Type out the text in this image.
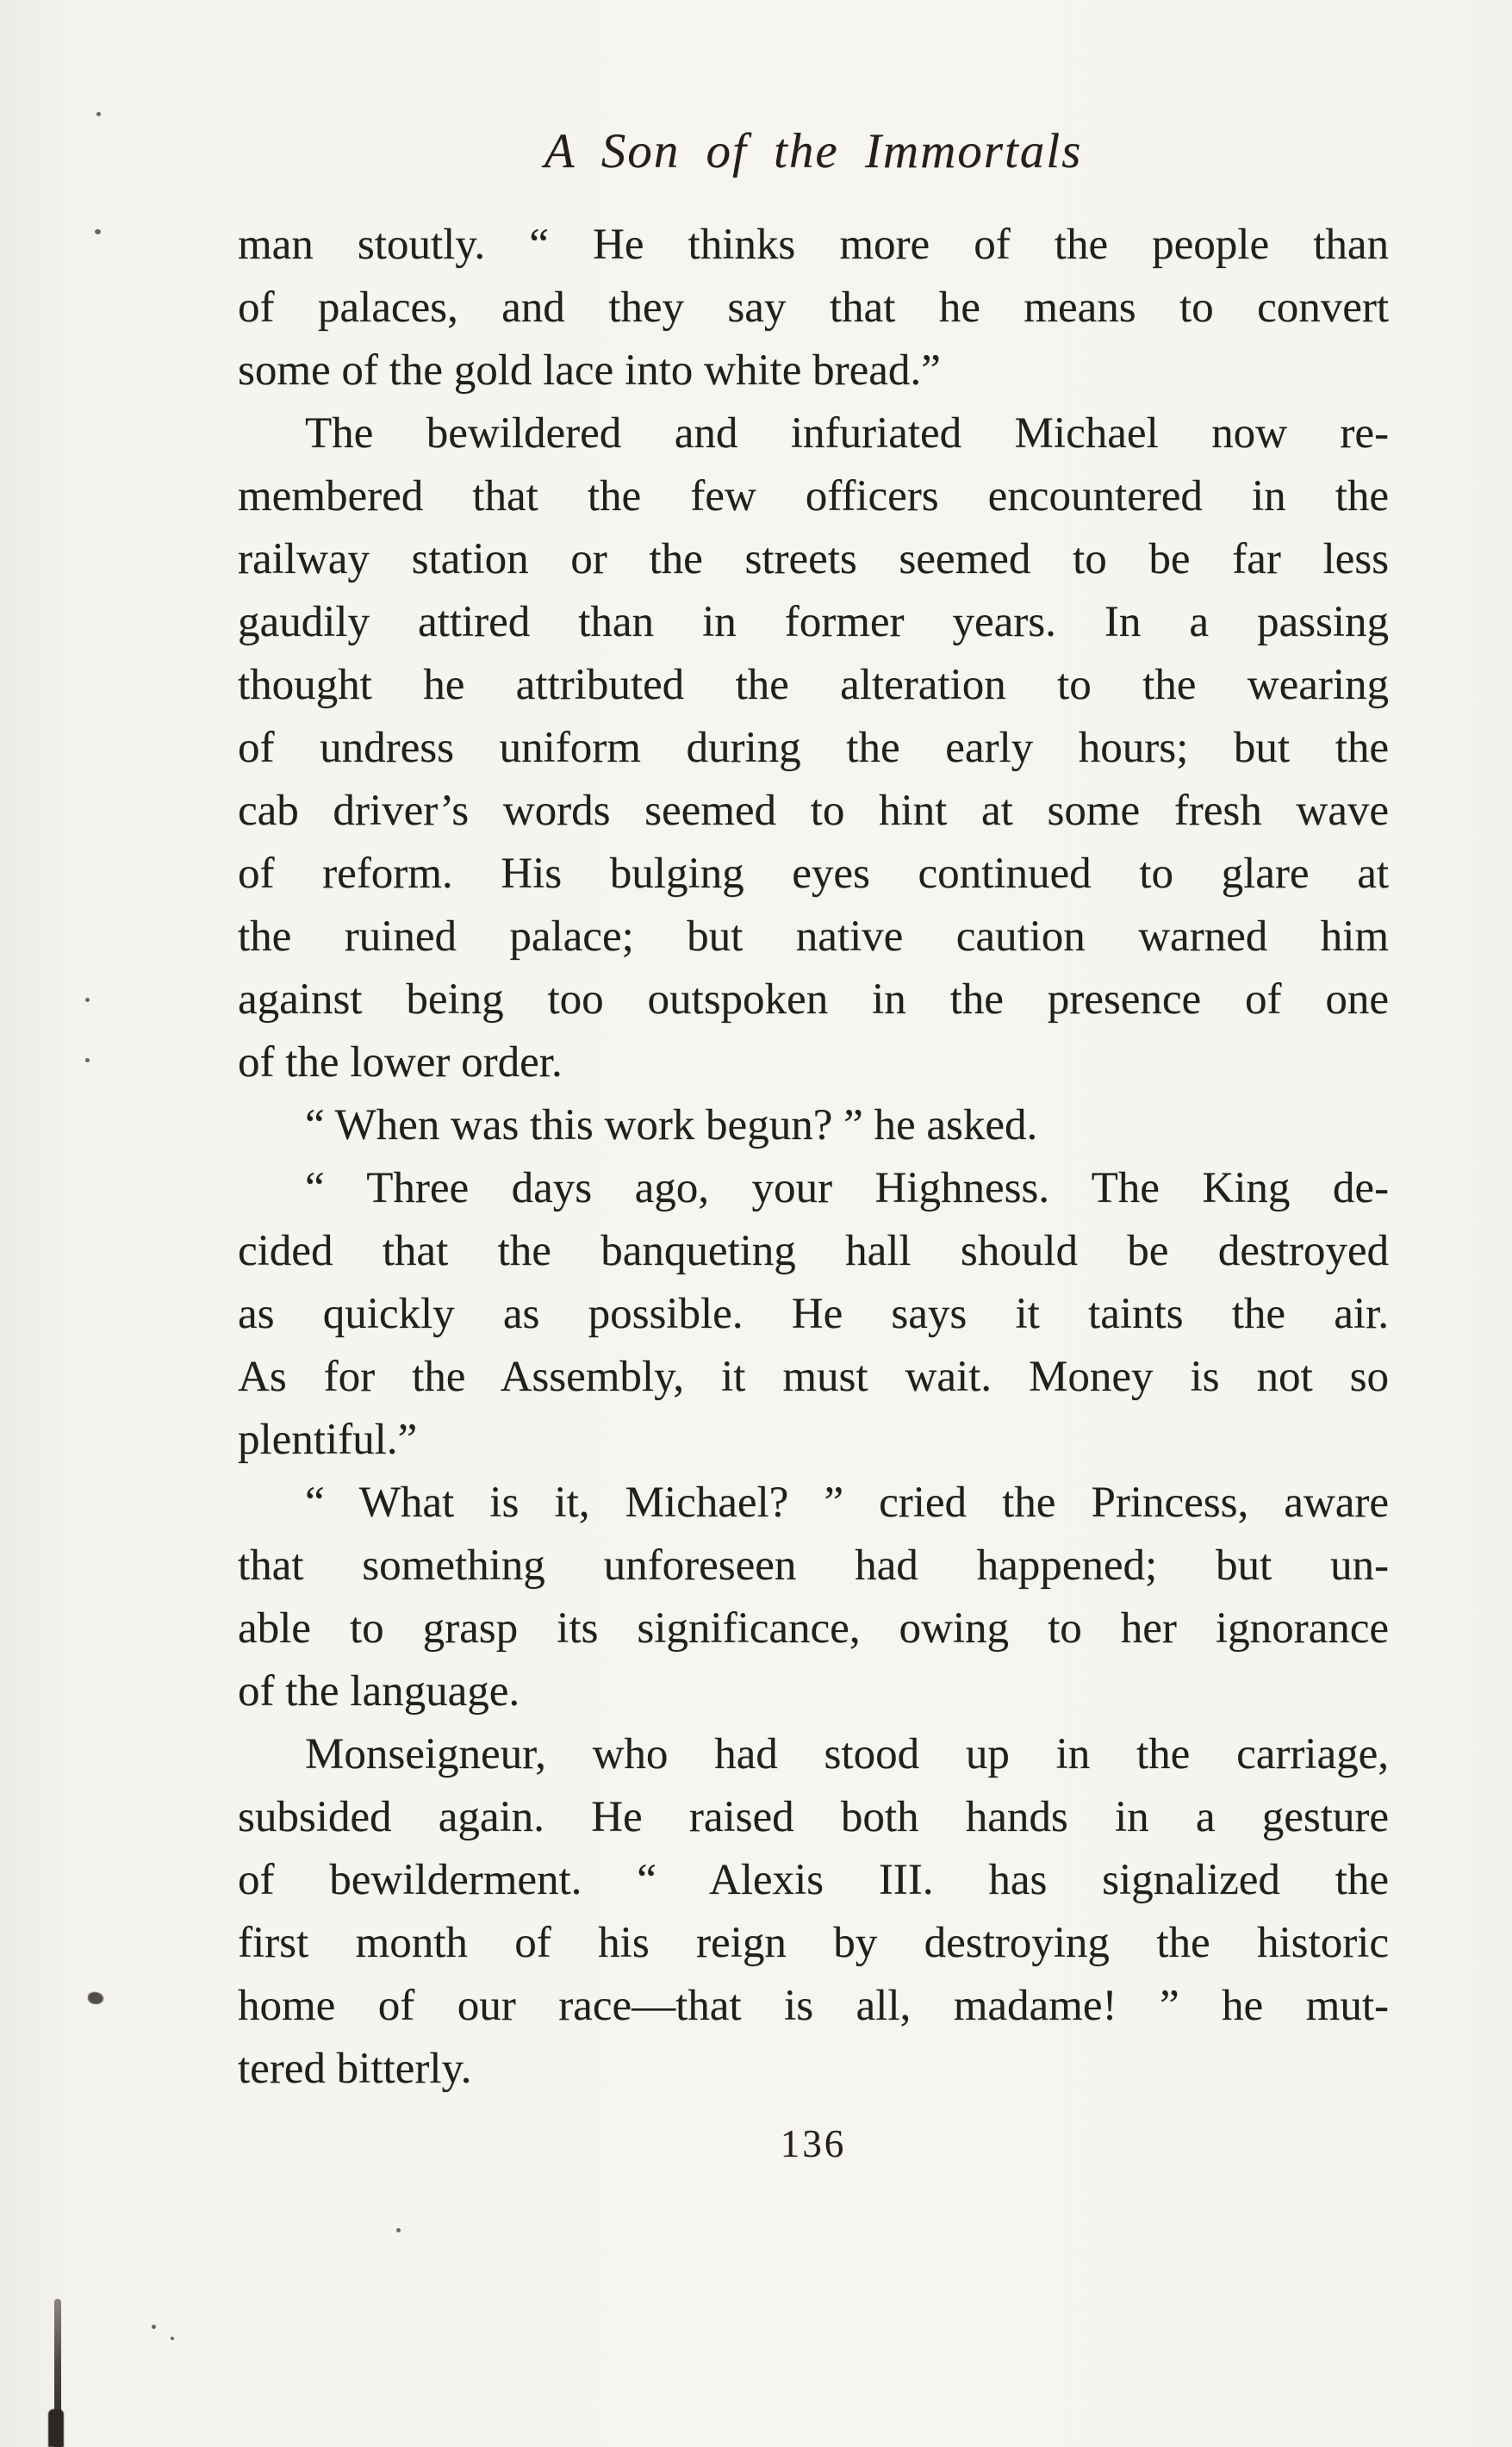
A Son of the Immortals
man stoutly. “ He thinks more of the people than
of palaces, and they say that he means to convert
some of the gold lace into white bread.”
The bewildered and infuriated Michael now re-
membered that the few officers encountered in the
railway station or the streets seemed to be far less
gaudily attired than in former years. In a passing
thought he attributed the alteration to the wearing
of undress uniform during the early hours; but the
cab driver’s words seemed to hint at some fresh wave
of reform. His bulging eyes continued to glare at
the ruined palace; but native caution warned him
against being too outspoken in the presence of one
of the lower order.
“ When was this work begun? ” he asked.
“ Three days ago, your Highness. The King de-
cided that the banqueting hall should be destroyed
as quickly as possible. He says it taints the air.
As for the Assembly, it must wait. Money is not so
plentiful.”
“ What is it, Michael? ” cried the Princess, aware
that something unforeseen had happened; but un-
able to grasp its significance, owing to her ignorance
of the language.
Monseigneur, who had stood up in the carriage,
subsided again. He raised both hands in a gesture
of bewilderment. “ Alexis III. has signalized the
first month of his reign by destroying the historic
home of our race—that is all, madame! ” he mut-
tered bitterly.
136
